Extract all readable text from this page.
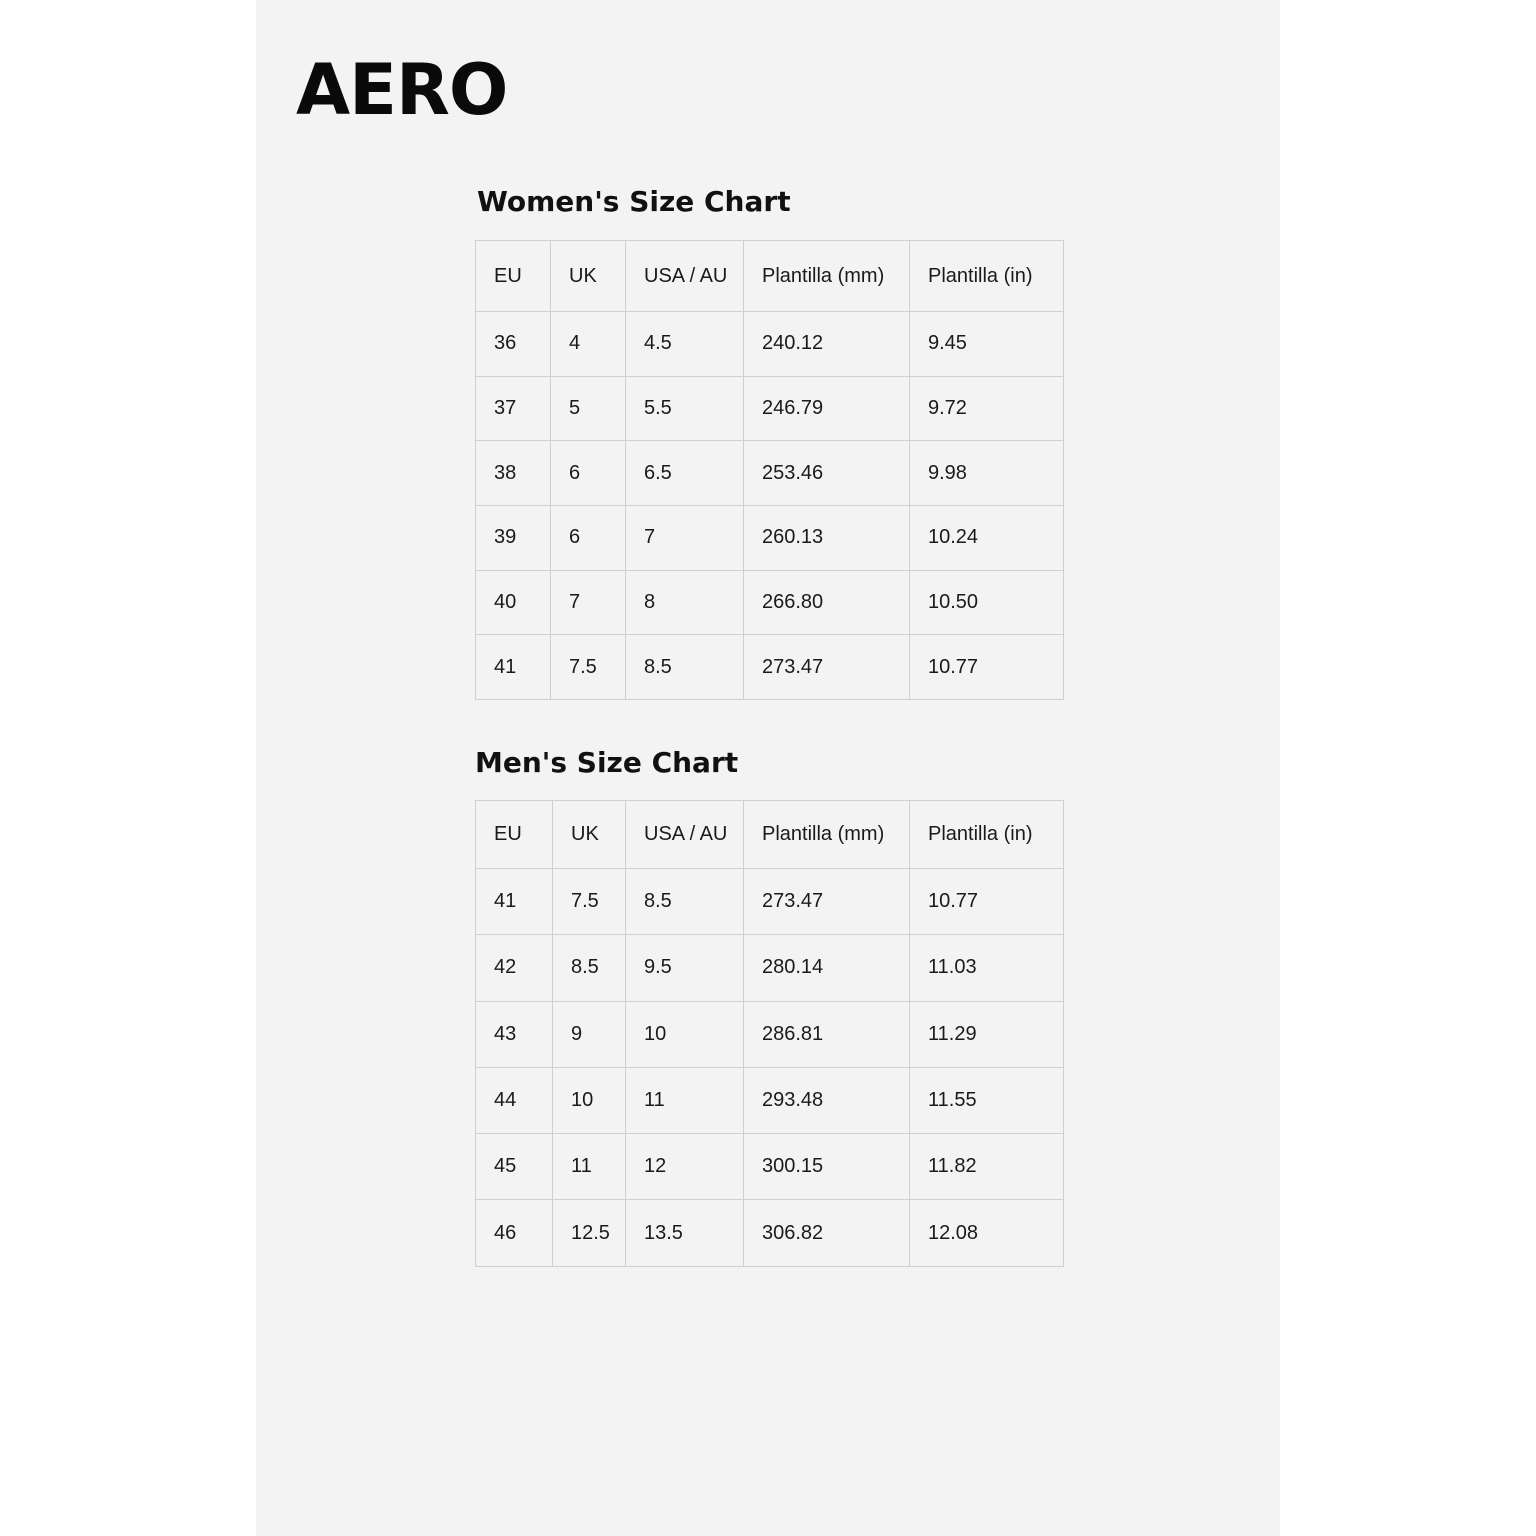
AERO
Women's Size Chart
EU	UK	USA / AU	Plantilla (mm)	Plantilla (in)
36	4	4.5	240.12	9.45
37	5	5.5	246.79	9.72
38	6	6.5	253.46	9.98
39	6	7	260.13	10.24
40	7	8	266.80	10.50
41	7.5	8.5	273.47	10.77
Men's Size Chart
EU	UK	USA / AU	Plantilla (mm)	Plantilla (in)
41	7.5	8.5	273.47	10.77
42	8.5	9.5	280.14	11.03
43	9	10	286.81	11.29
44	10	11	293.48	11.55
45	11	12	300.15	11.82
46	12.5	13.5	306.82	12.08
